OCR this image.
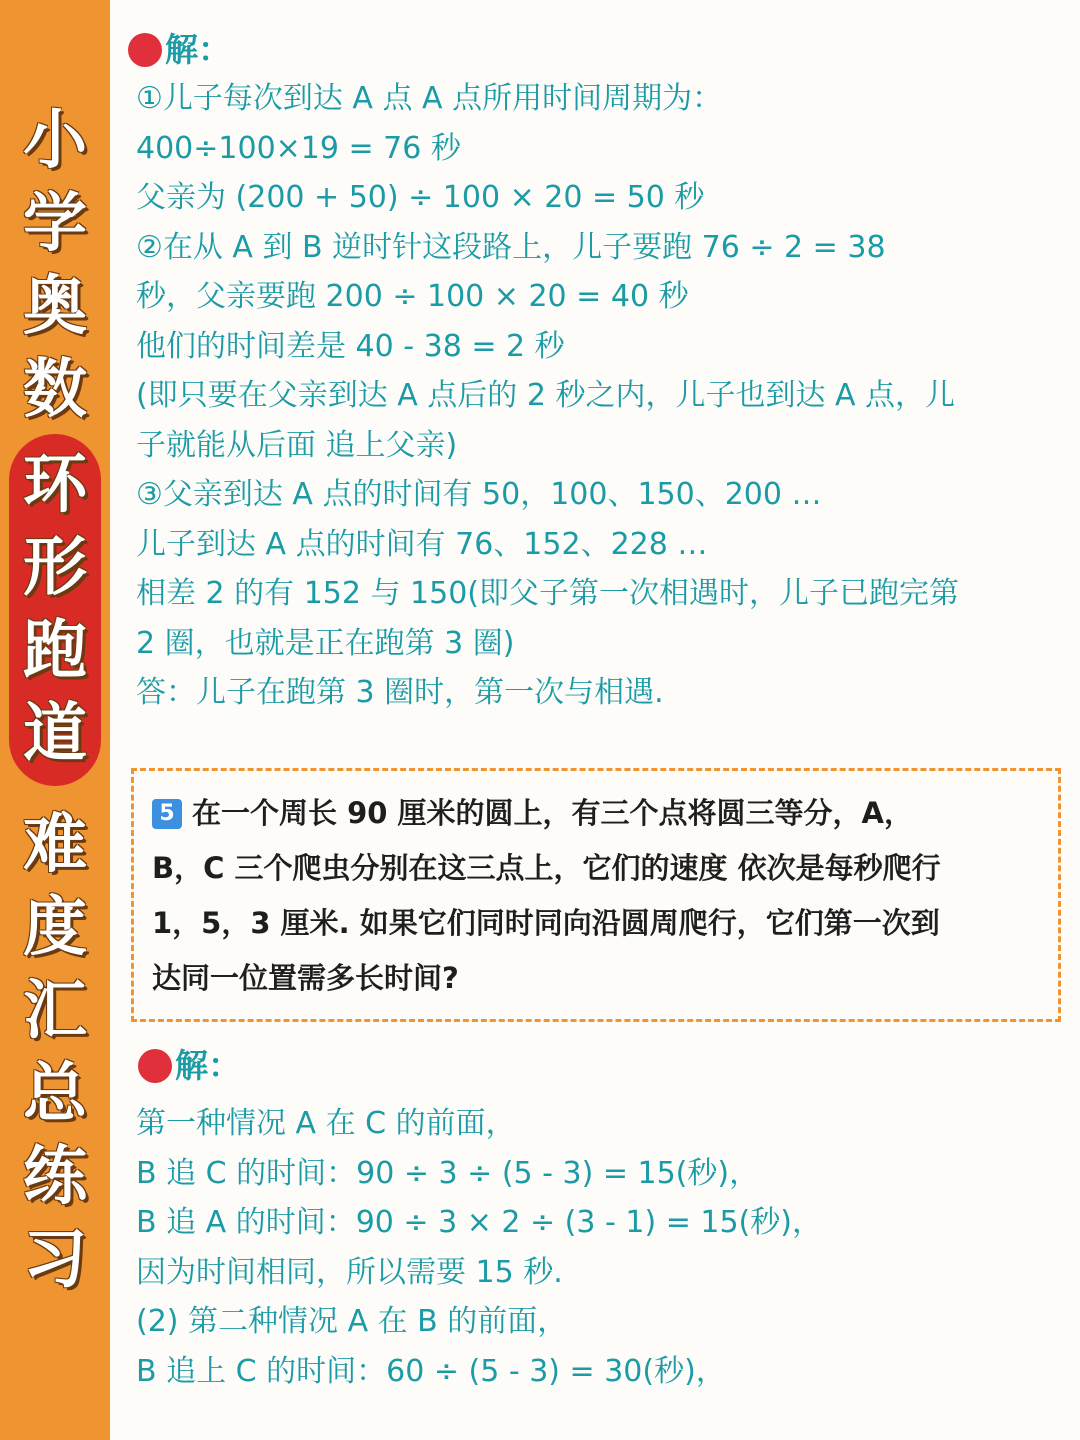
小
学
奥
数
环
形
跑
道
难
度
汇
总
练
习
解：
①儿子每次到达 A 点 A 点所用时间周期为：
400÷100×19 = 76 秒
父亲为 (200 + 50) ÷ 100 × 20 = 50 秒
②在从 A 到 B 逆时针这段路上，儿子要跑 76 ÷ 2 = 38
秒，父亲要跑 200 ÷ 100 × 20 = 40 秒
他们的时间差是 40 - 38 = 2 秒
(即只要在父亲到达 A 点后的 2 秒之内，儿子也到达 A 点，儿
子就能从后面 追上父亲)
③父亲到达 A 点的时间有 50，100、150、200 …
儿子到达 A 点的时间有 76、152、228 …
相差 2 的有 152 与 150(即父子第一次相遇时，儿子已跑完第
2 圈，也就是正在跑第 3 圈)
答：儿子在跑第 3 圈时，第一次与相遇.
5 在一个周长 90 厘米的圆上，有三个点将圆三等分，A，
B，C 三个爬虫分别在这三点上，它们的速度 依次是每秒爬行
1，5，3 厘米. 如果它们同时同向沿圆周爬行，它们第一次到
达同一位置需多长时间?
解：
第一种情况 A 在 C 的前面，
B 追 C 的时间：90 ÷ 3 ÷ (5 - 3) = 15(秒)，
B 追 A 的时间：90 ÷ 3 × 2 ÷ (3 - 1) = 15(秒)，
因为时间相同，所以需要 15 秒.
(2) 第二种情况 A 在 B 的前面，
B 追上 C 的时间：60 ÷ (5 - 3) = 30(秒)，
